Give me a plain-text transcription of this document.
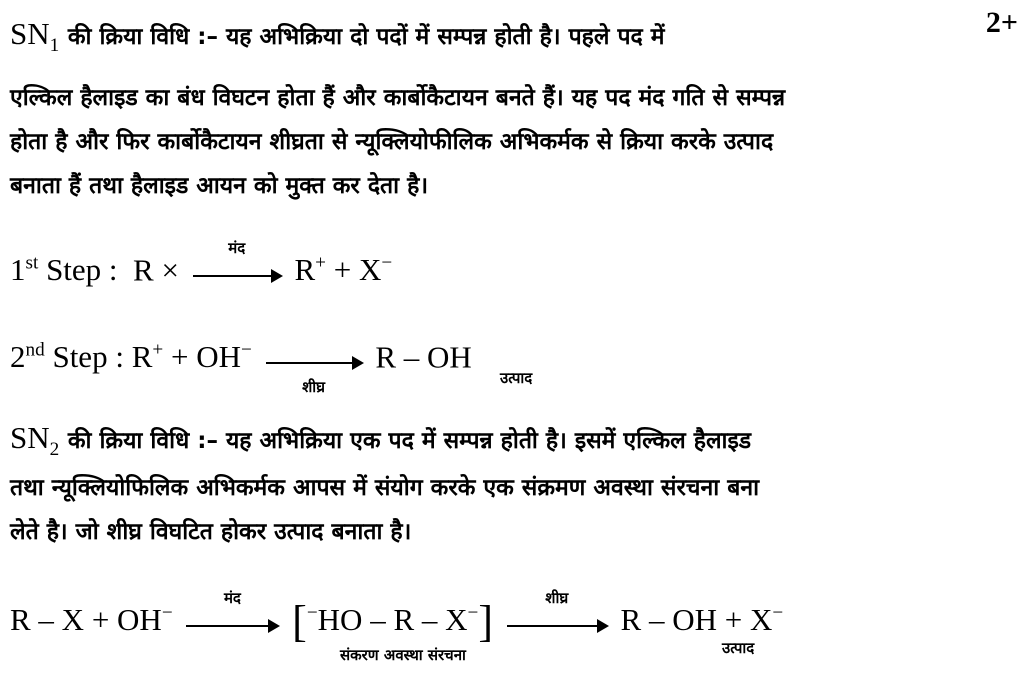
2+
$SN_1$ की क्रिया विधि :– यह अभिक्रिया दो पदों में सम्पन्न होती है। पहले पद में
एल्किल हैलाइड का बंध विघटन होता हैं और कार्बोकैटायन बनते हैं। यह पद मंद गति से सम्पन्न
होता है और फिर कार्बोकैटायन शीघ्रता से न्यूक्लियोफीलिक अभिकर्मक से क्रिया करके उत्पाद
बनाता हैं तथा हैलाइड आयन को मुक्त कर देता है।
1st Step : R ×
मंद
R+ + X−
2nd Step : R+ + OH−
शीघ्र
R – OH
उत्पाद
$SN_2$ की क्रिया विधि :– यह अभिक्रिया एक पद में सम्पन्न होती है। इसमें एल्किल हैलाइड
तथा न्यूक्लियोफिलिक अभिकर्मक आपस में संयोग करके एक संक्रमण अवस्था संरचना बना
लेते है। जो शीघ्र विघटित होकर उत्पाद बनाता है।
R – X + OH−
मंद	[−HO – R – X−]	शीघ्र
R – OH + X−
संकरण अवस्था संरचना	उत्पाद
